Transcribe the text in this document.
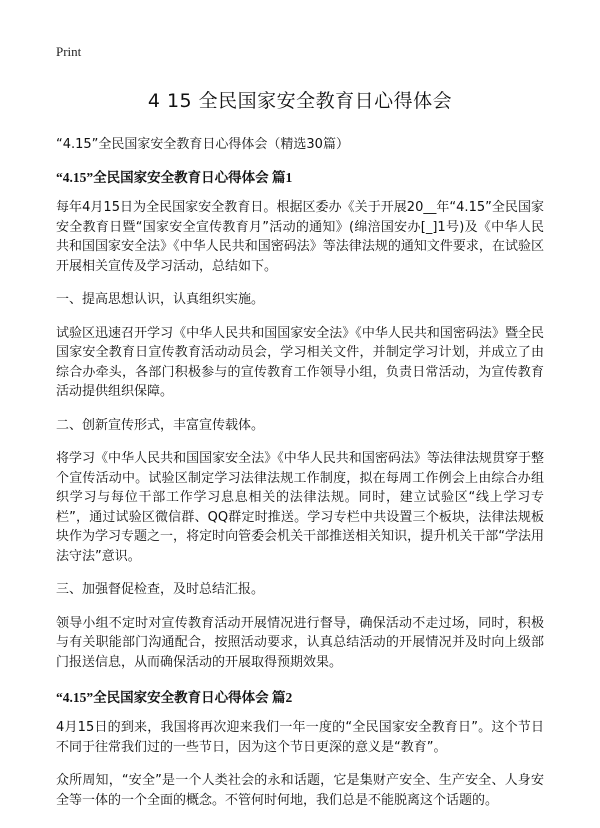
Print
4 15 全民国家安全教育日心得体会

“4.15”全民国家安全教育日心得体会（精选30篇）

“4.15”全民国家安全教育日心得体会 篇1

每年4月15日为全民国家安全教育日。根据区委办《关于开展20__年“4.15”全民国家安全教育日暨“国家安全宣传教育月”活动的通知》(绵涪国安办[_]1号)及《中华人民共和国国家安全法》《中华人民共和国密码法》等法律法规的通知文件要求，在试验区开展相关宣传及学习活动，总结如下。

一、提高思想认识，认真组织实施。

试验区迅速召开学习《中华人民共和国国家安全法》《中华人民共和国密码法》暨全民国家安全教育日宣传教育活动动员会，学习相关文件，并制定学习计划，并成立了由综合办牵头，各部门积极参与的宣传教育工作领导小组，负责日常活动，为宣传教育活动提供组织保障。

二、创新宣传形式，丰富宣传载体。

将学习《中华人民共和国国家安全法》《中华人民共和国密码法》等法律法规贯穿于整个宣传活动中。试验区制定学习法律法规工作制度，拟在每周工作例会上由综合办组织学习与每位干部工作学习息息相关的法律法规。同时，建立试验区“线上学习专栏”，通过试验区微信群、QQ群定时推送。学习专栏中共设置三个板块，法律法规板块作为学习专题之一，将定时向管委会机关干部推送相关知识，提升机关干部“学法用法守法”意识。

三、加强督促检查，及时总结汇报。

领导小组不定时对宣传教育活动开展情况进行督导，确保活动不走过场，同时，积极与有关职能部门沟通配合，按照活动要求，认真总结活动的开展情况并及时向上级部门报送信息，从而确保活动的开展取得预期效果。

“4.15”全民国家安全教育日心得体会 篇2

4月15日的到来，我国将再次迎来我们一年一度的“全民国家安全教育日”。这个节日不同于往常我们过的一些节日，因为这个节日更深的意义是“教育”。

众所周知，“安全”是一个人类社会的永和话题，它是集财产安全、生产安全、人身安全等一体的一个全面的概念。不管何时何地，我们总是不能脱离这个话题的。
